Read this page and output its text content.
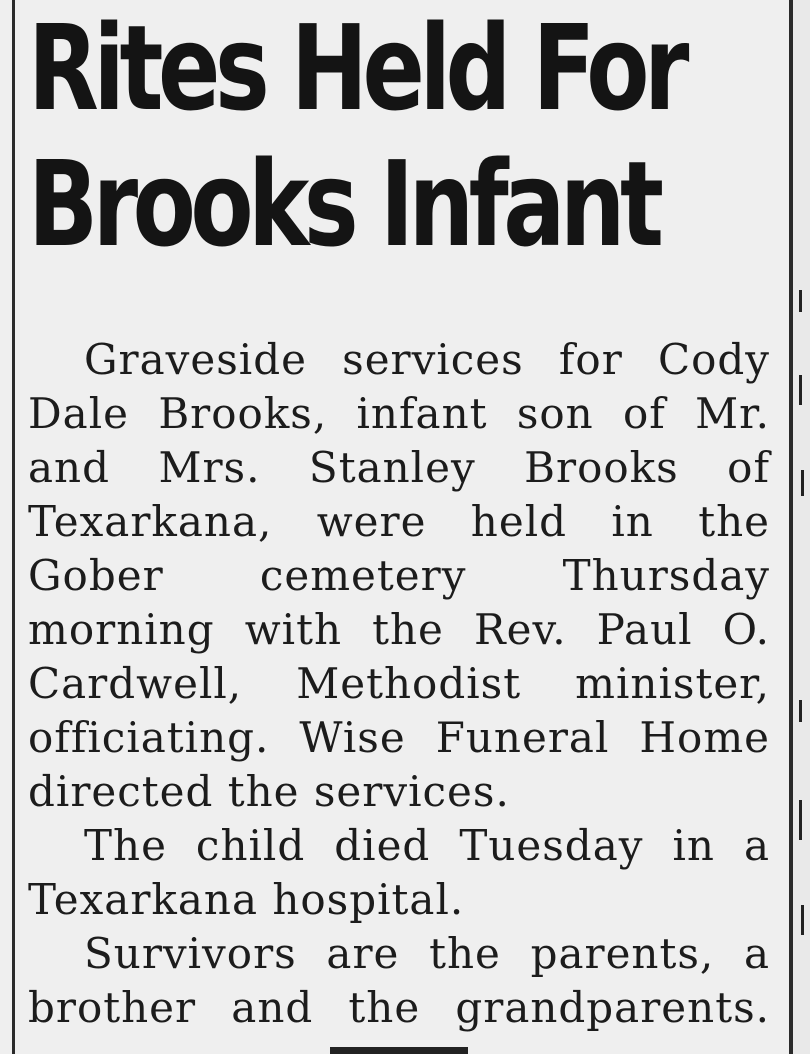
Rites Held For
Brooks Infant
Graveside services for Cody
Dale Brooks, infant son of Mr.
and Mrs. Stanley Brooks of
Texarkana, were held in the
Gober cemetery Thursday
morning with the Rev. Paul O.
Cardwell, Methodist minister,
officiating. Wise Funeral Home
directed the services.
The child died Tuesday in a
Texarkana hospital.
Survivors are the parents, a
brother and the grandparents.
